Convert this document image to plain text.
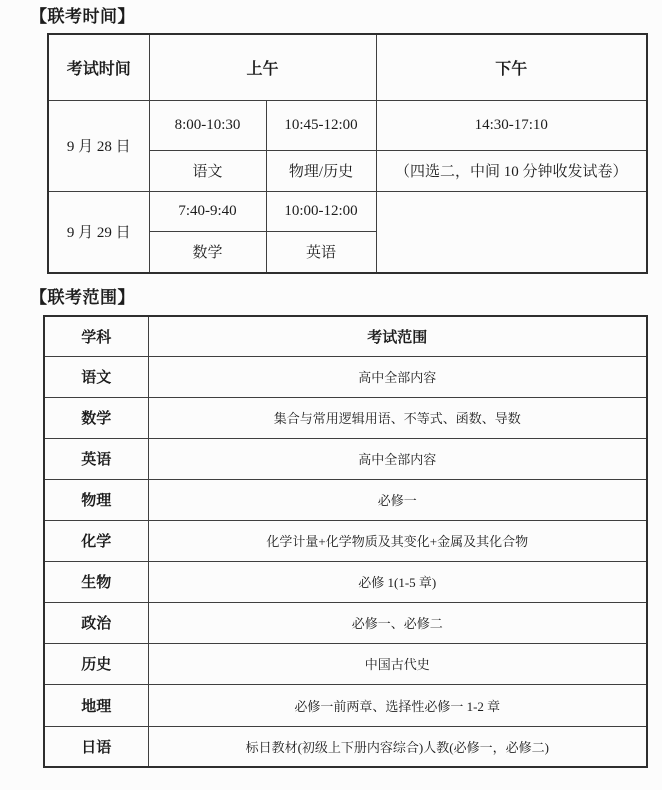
【联考时间】
考试时间	上午		下午
9 月 28 日	8:00-10:30	10:45-12:00	14:30-17:10
	语文	物理/历史	（四选二，中间 10 分钟收发试卷）
9 月 29 日	7:40-9:40	10:00-12:00	
	数学	英语	
【联考范围】
学科	考试范围
语文	高中全部内容
数学	集合与常用逻辑用语、不等式、函数、导数
英语	高中全部内容
物理	必修一
化学	化学计量+化学物质及其变化+金属及其化合物
生物	必修 1(1-5 章)
政治	必修一、必修二
历史	中国古代史
地理	必修一前两章、选择性必修一 1-2 章
日语	标日教材(初级上下册内容综合)人教(必修一，必修二)
